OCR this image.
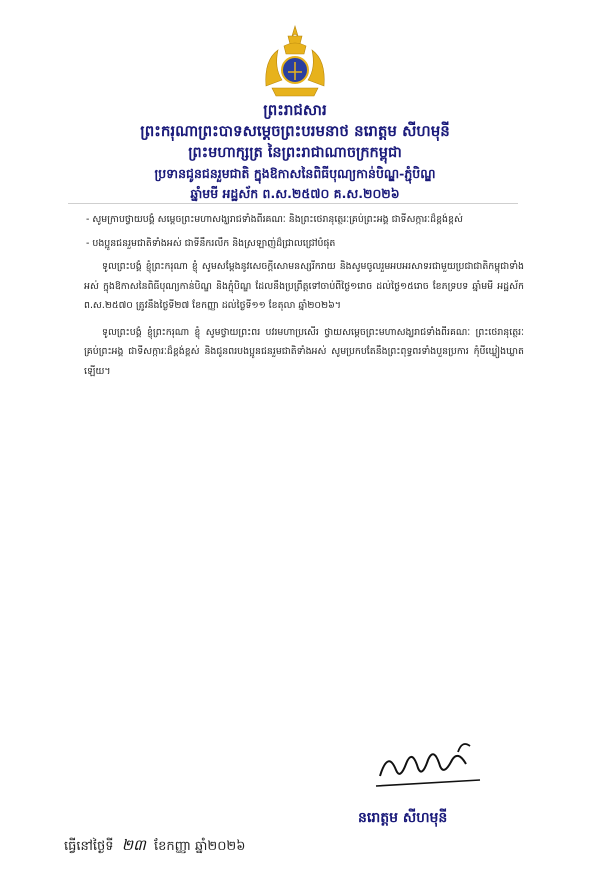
ព្រះរាជសារ
ព្រះករុណាព្រះបាទសម្តេចព្រះបរមនាថ នរោត្តម សីហមុនី
ព្រះមហាក្សត្រ នៃព្រះរាជាណាចក្រកម្ពុជា
ប្រទានជូនជនរួមជាតិ ក្នុងឱកាសនៃពិធីបុណ្យកាន់បិណ្ឌ-ភ្ជុំបិណ្ឌ
ឆ្នាំមមី អដ្ឋស័ក ព.ស.២៥៧០ គ.ស.២០២៦
- សូមក្រាបថ្វាយបង្គំ សម្តេចព្រះមហាសង្ឃរាជទាំងពីរគណៈ និងព្រះថេរានុត្ថេរៈគ្រប់ព្រះអង្គ ជាទីសក្ការៈដ៏ខ្ពង់ខ្ពស់
- បងប្អូនជនរួមជាតិទាំងអស់ ជាទីនឹករលឹក និងស្រឡាញ់ដ៏ជ្រាលជ្រៅបំផុត

ទូលព្រះបង្គំ ខ្ញុំព្រះករុណា ខ្ញុំ សូមសម្តែងនូវសេចក្តីសោមនស្សរីករាយ និងសូមចូលរួមអបអរសាទរជាមួយប្រជាជាតិកម្ពុជាទាំងអស់ ក្នុងឱកាសនៃពិធីបុណ្យកាន់បិណ្ឌ និងភ្ជុំបិណ្ឌ ដែលនឹងប្រព្រឹត្តទៅចាប់ពីថ្ងៃ១រោច ដល់ថ្ងៃ១៥រោច ខែភទ្របទ ឆ្នាំមមី អដ្ឋស័ក ព.ស.២៥៧០ ត្រូវនឹងថ្ងៃទី២៧ ខែកញ្ញា ដល់ថ្ងៃទី១១ ខែតុលា ឆ្នាំ២០២៦។

ទូលព្រះបង្គំ ខ្ញុំព្រះករុណា ខ្ញុំ សូមថ្វាយព្រះពរ បវរមហាប្រសើរ ថ្វាយសម្តេចព្រះមហាសង្ឃរាជទាំងពីរគណៈ ព្រះថេរានុត្ថេរៈគ្រប់ព្រះអង្គ ជាទីសក្ការៈដ៏ខ្ពង់ខ្ពស់ និងជូនពរបងប្អូនជនរួមជាតិទាំងអស់ សូមប្រកបតែនឹងព្រះពុទ្ធពរទាំងបួនប្រការ កុំបីឃ្លៀងឃ្លាតឡើយ។

នរោត្តម សីហមុនី
ធ្វើនៅថ្ងៃទី ២៣ ខែកញ្ញា ឆ្នាំ២០២៦
